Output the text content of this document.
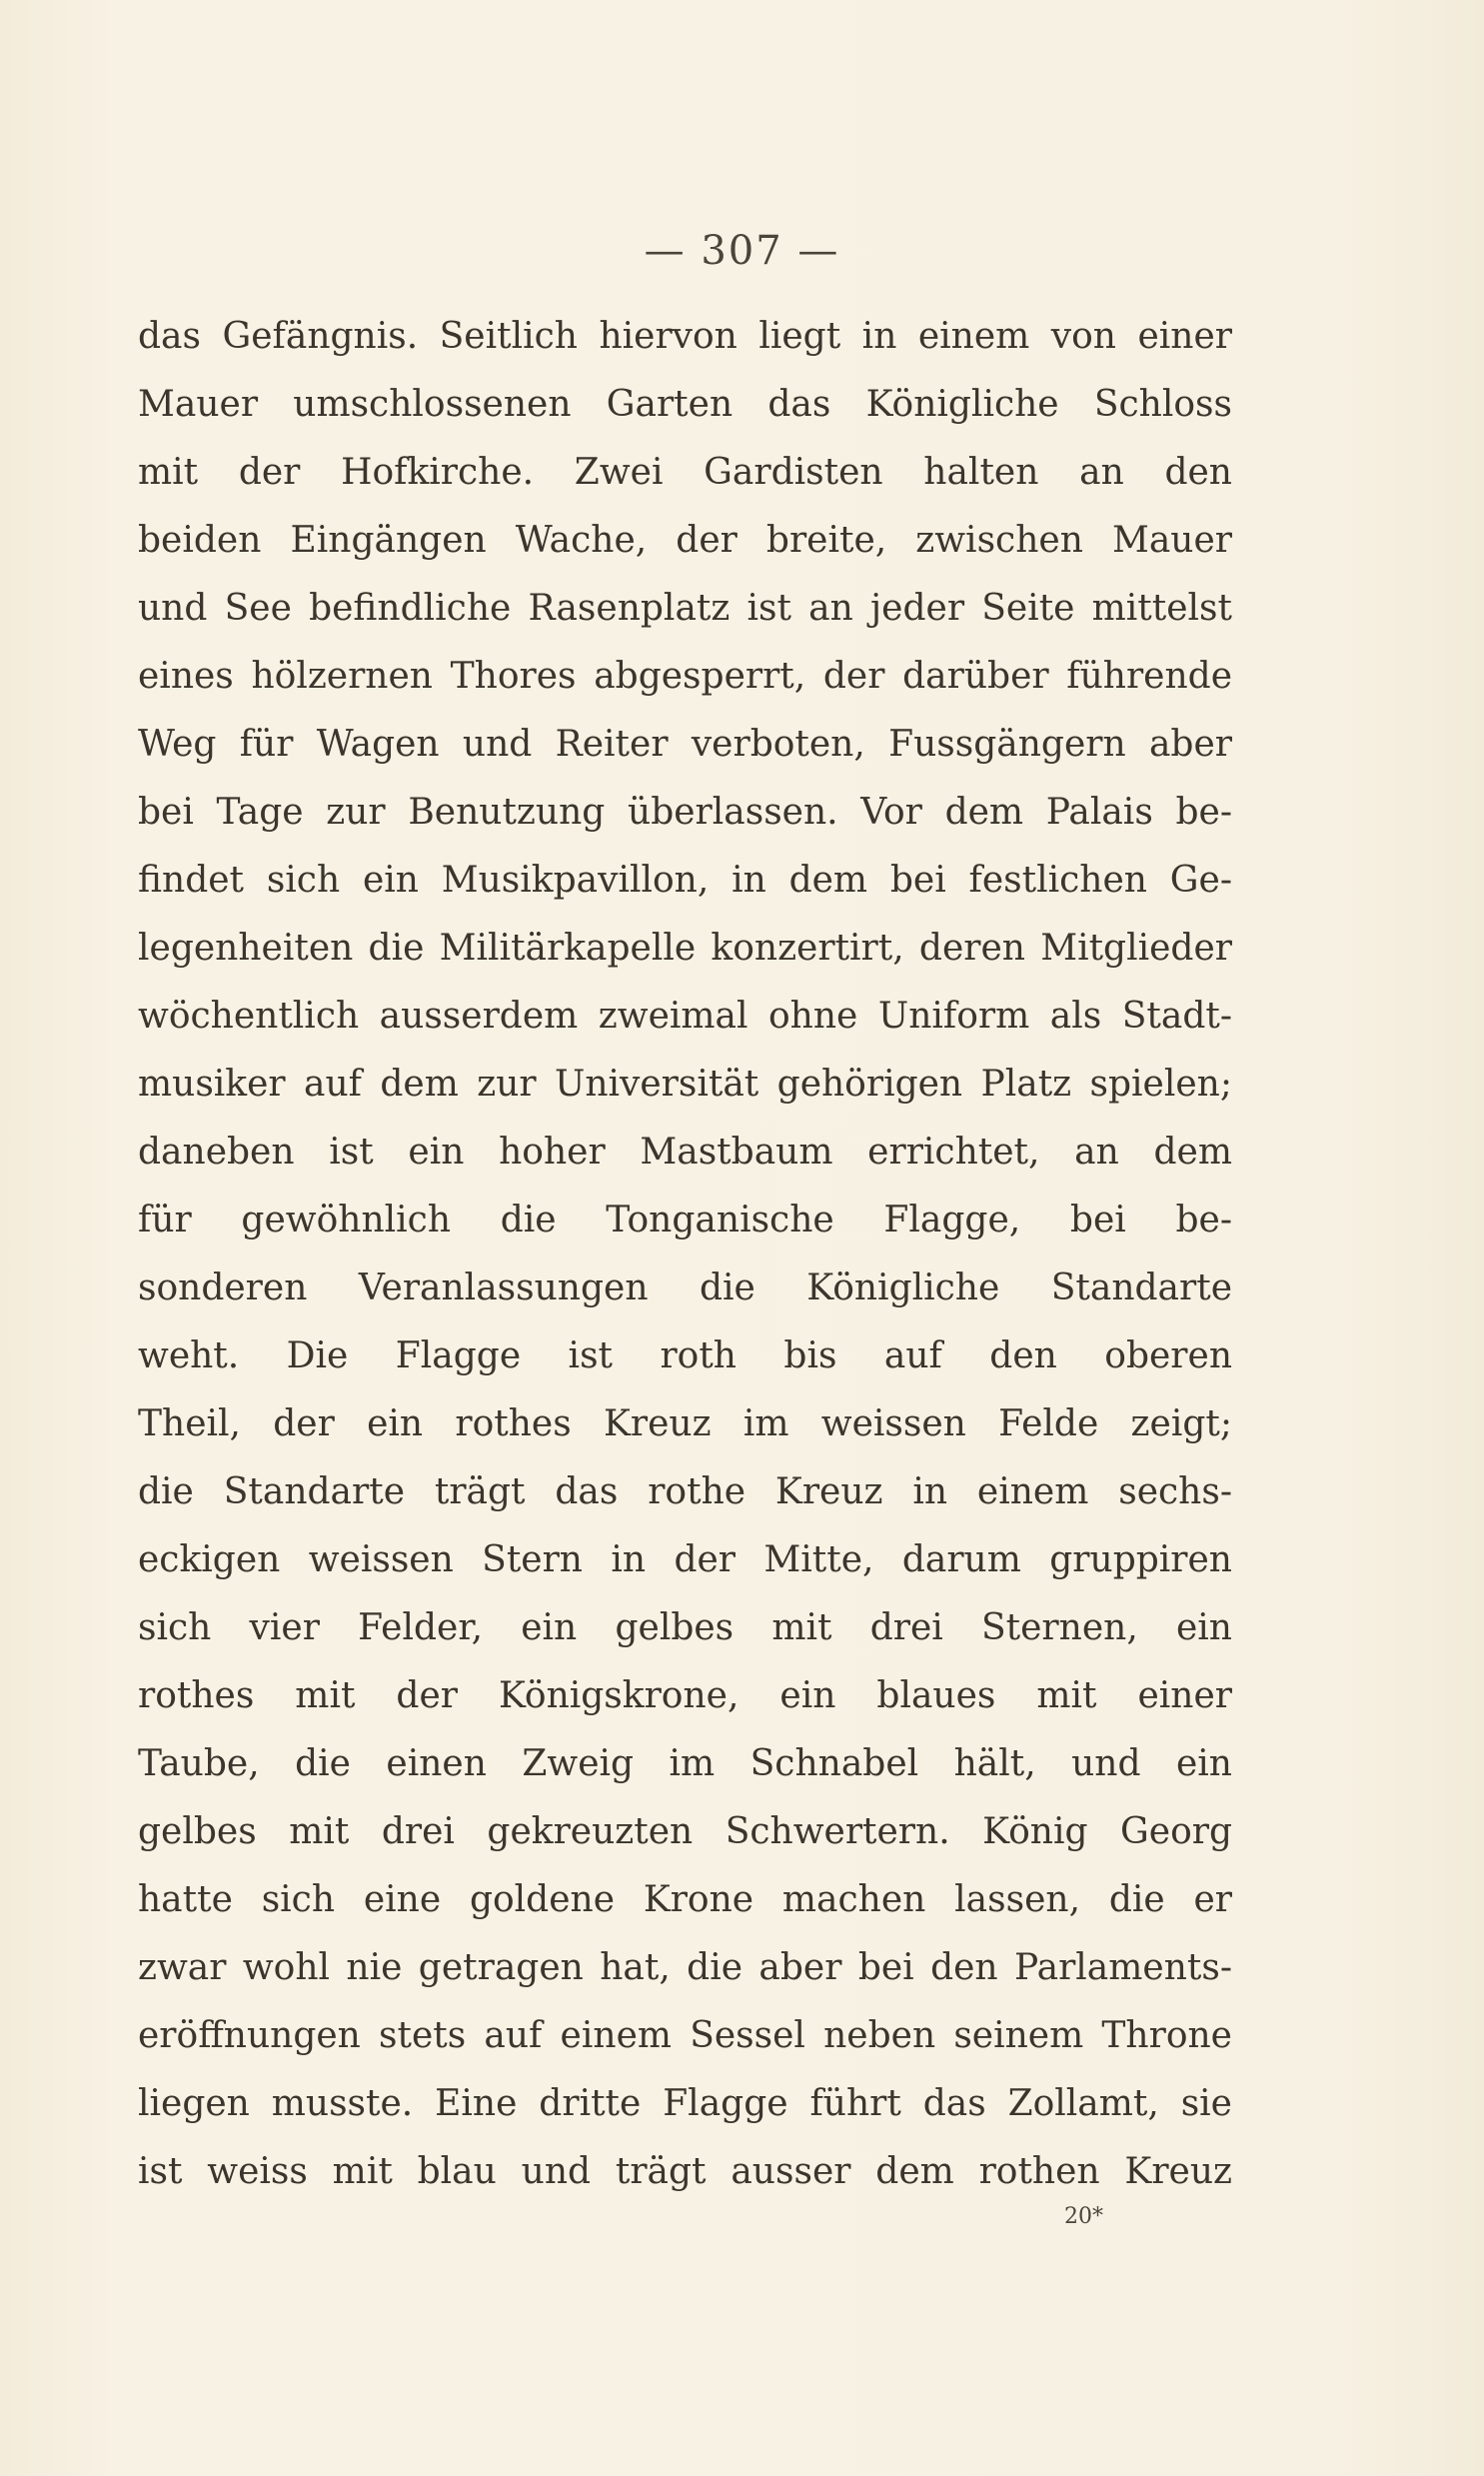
— 307 —
das Gefängnis. Seitlich hiervon liegt in einem von einer
Mauer umschlossenen Garten das Königliche Schloss
mit der Hofkirche. Zwei Gardisten halten an den
beiden Eingängen Wache, der breite, zwischen Mauer
und See befindliche Rasenplatz ist an jeder Seite mittelst
eines hölzernen Thores abgesperrt, der darüber führende
Weg für Wagen und Reiter verboten, Fussgängern aber
bei Tage zur Benutzung überlassen. Vor dem Palais be-
findet sich ein Musikpavillon, in dem bei festlichen Ge-
legenheiten die Militärkapelle konzertirt, deren Mitglieder
wöchentlich ausserdem zweimal ohne Uniform als Stadt-
musiker auf dem zur Universität gehörigen Platz spielen;
daneben ist ein hoher Mastbaum errichtet, an dem
für gewöhnlich die Tonganische Flagge, bei be-
sonderen Veranlassungen die Königliche Standarte
weht. Die Flagge ist roth bis auf den oberen
Theil, der ein rothes Kreuz im weissen Felde zeigt;
die Standarte trägt das rothe Kreuz in einem sechs-
eckigen weissen Stern in der Mitte, darum gruppiren
sich vier Felder, ein gelbes mit drei Sternen, ein
rothes mit der Königskrone, ein blaues mit einer
Taube, die einen Zweig im Schnabel hält, und ein
gelbes mit drei gekreuzten Schwertern. König Georg
hatte sich eine goldene Krone machen lassen, die er
zwar wohl nie getragen hat, die aber bei den Parlaments-
eröffnungen stets auf einem Sessel neben seinem Throne
liegen musste. Eine dritte Flagge führt das Zollamt, sie
ist weiss mit blau und trägt ausser dem rothen Kreuz
20*
